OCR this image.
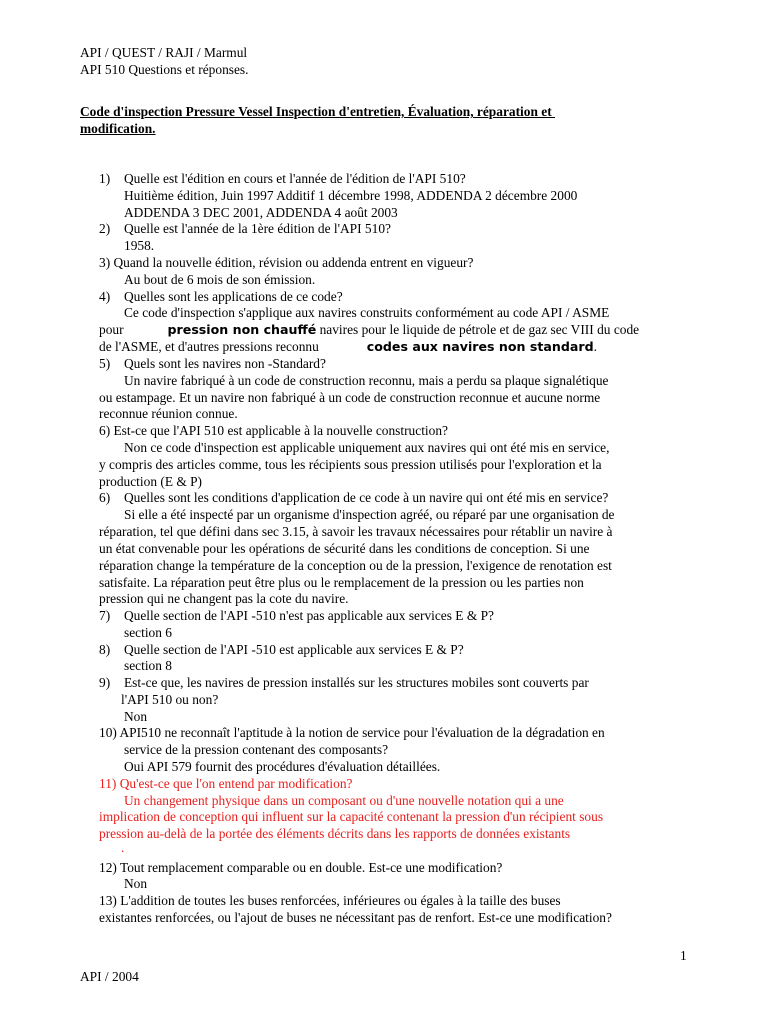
API / QUEST / RAJI / Marmul
API 510 Questions et réponses.
Code d'inspection Pressure Vessel Inspection d'entretien, Évaluation, réparation et
modification.
1) Quelle est l'édition en cours et l'année de l'édition de l'API 510?
Huitième édition, Juin 1997 Additif 1 décembre 1998, ADDENDA 2 décembre 2000
ADDENDA 3 DEC 2001, ADDENDA 4 août 2003
2) Quelle est l'année de la 1ère édition de l'API 510?
1958.
3) Quand la nouvelle édition, révision ou addenda entrent en vigueur?
Au bout de 6 mois de son émission.
4) Quelles sont les applications de ce code?
Ce code d'inspection s'applique aux navires construits conformément au code API / ASME
pour	pression non chauffé navires pour le liquide de pétrole et de gaz sec VIII du code
de l'ASME, et d'autres pressions reconnu	codes aux navires non standard.
5) Quels sont les navires non -Standard?
Un navire fabriqué à un code de construction reconnu, mais a perdu sa plaque signalétique
ou estampage. Et un navire non fabriqué à un code de construction reconnue et aucune norme
reconnue réunion connue.
6) Est-ce que l'API 510 est applicable à la nouvelle construction?
Non ce code d'inspection est applicable uniquement aux navires qui ont été mis en service,
y compris des articles comme, tous les récipients sous pression utilisés pour l'exploration et la
production (E & P)
6) Quelles sont les conditions d'application de ce code à un navire qui ont été mis en service?
Si elle a été inspecté par un organisme d'inspection agréé, ou réparé par une organisation de
réparation, tel que défini dans sec 3.15, à savoir les travaux nécessaires pour rétablir un navire à
un état convenable pour les opérations de sécurité dans les conditions de conception. Si une
réparation change la température de la conception ou de la pression, l'exigence de renotation est
satisfaite. La réparation peut être plus ou le remplacement de la pression ou les parties non
pression qui ne changent pas la cote du navire.
7) Quelle section de l'API -510 n'est pas applicable aux services E & P?
section 6
8) Quelle section de l'API -510 est applicable aux services E & P?
section 8
9) Est-ce que, les navires de pression installés sur les structures mobiles sont couverts par
l'API 510 ou non?
Non
10) API510 ne reconnaît l'aptitude à la notion de service pour l'évaluation de la dégradation en
service de la pression contenant des composants?
Oui API 579 fournit des procédures d'évaluation détaillées.
11) Qu'est-ce que l'on entend par modification?
Un changement physique dans un composant ou d'une nouvelle notation qui a une
implication de conception qui influent sur la capacité contenant la pression d'un récipient sous
pression au-delà de la portée des éléments décrits dans les rapports de données existants
.
12) Tout remplacement comparable ou en double. Est-ce une modification?
Non
13) L'addition de toutes les buses renforcées, inférieures ou égales à la taille des buses
existantes renforcées, ou l'ajout de buses ne nécessitant pas de renfort. Est-ce une modification?
1
API / 2004
